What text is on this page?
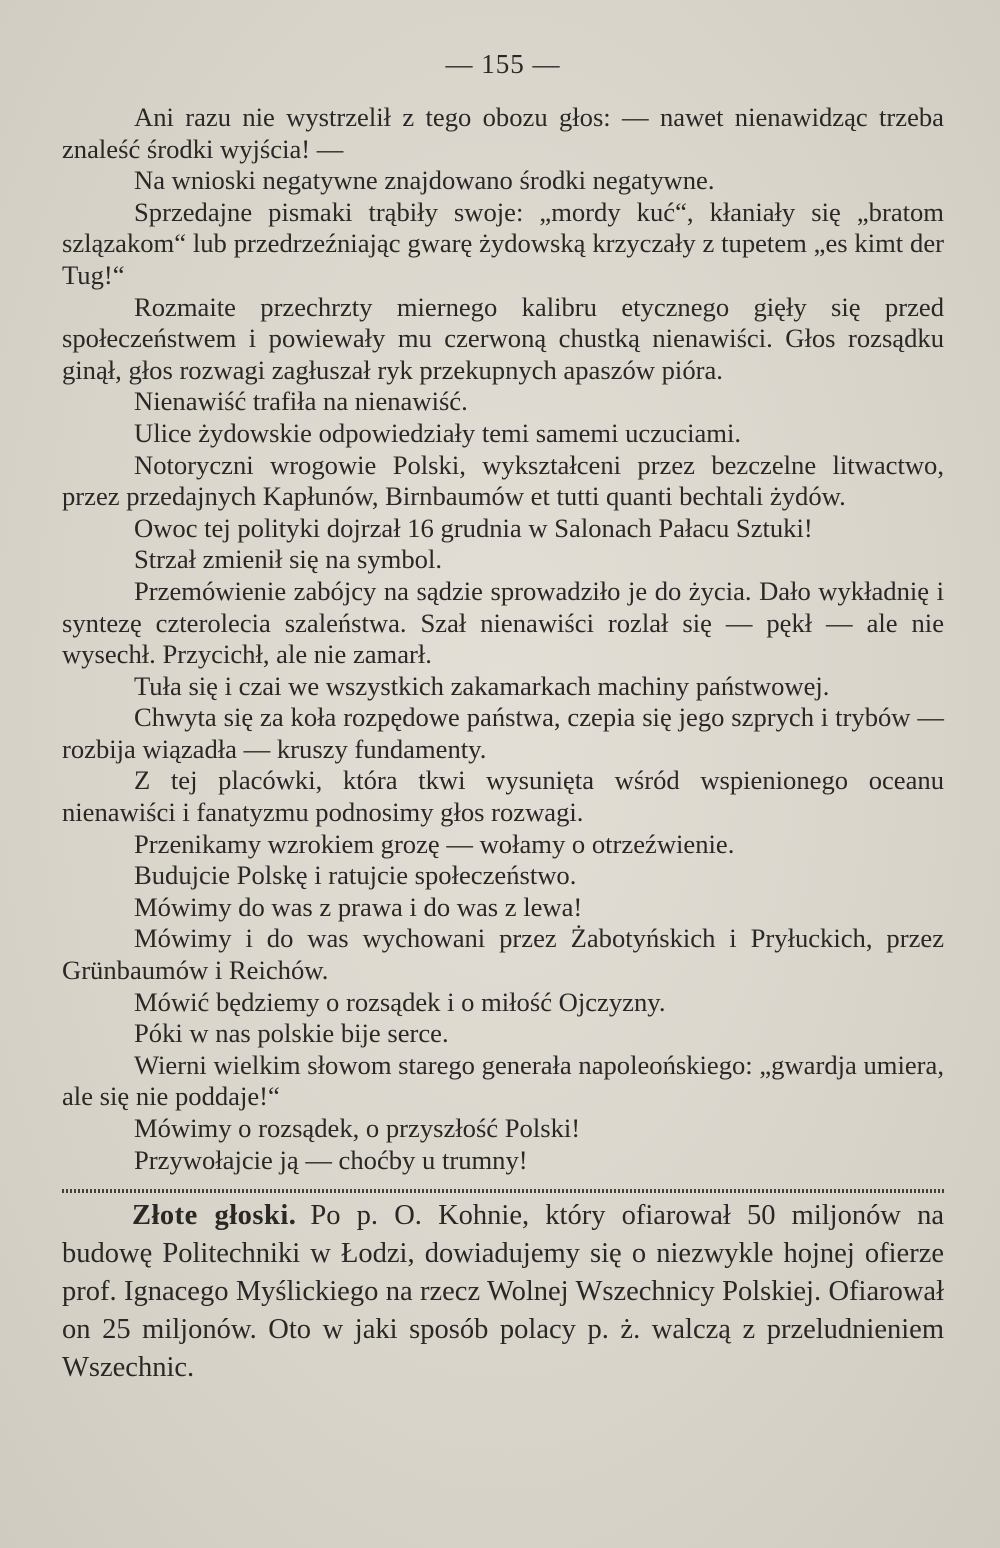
— 155 —

Ani razu nie wystrzelił z tego obozu głos: — nawet nienawidząc trzeba znaleść środki wyjścia! —

Na wnioski negatywne znajdowano środki negatywne.

Sprzedajne pismaki trąbiły swoje: „mordy kuć“, kłaniały się „bratom szlązakom“ lub przedrzeźniając gwarę żydowską krzyczały z tupetem „es kimt der Tug!“

Rozmaite przechrzty miernego kalibru etycznego gięły się przed społeczeństwem i powiewały mu czerwoną chustką nienawiści. Głos rozsądku ginął, głos rozwagi zagłuszał ryk przekupnych apaszów pióra.

Nienawiść trafiła na nienawiść.

Ulice żydowskie odpowiedziały temi samemi uczuciami.

Notoryczni wrogowie Polski, wykształceni przez bezczelne litwactwo, przez przedajnych Kapłunów, Birnbaumów et tutti quanti bechtali żydów.

Owoc tej polityki dojrzał 16 grudnia w Salonach Pałacu Sztuki!

Strzał zmienił się na symbol.

Przemówienie zabójcy na sądzie sprowadziło je do życia. Dało wykładnię i syntezę czterolecia szaleństwa. Szał nienawiści rozlał się — pękł — ale nie wysechł. Przycichł, ale nie zamarł.

Tuła się i czai we wszystkich zakamarkach machiny państwowej.

Chwyta się za koła rozpędowe państwa, czepia się jego szprych i trybów — rozbija wiązadła — kruszy fundamenty.

Z tej placówki, która tkwi wysunięta wśród wspienionego oceanu nienawiści i fanatyzmu podnosimy głos rozwagi.

Przenikamy wzrokiem grozę — wołamy o otrzeźwienie.

Budujcie Polskę i ratujcie społeczeństwo.

Mówimy do was z prawa i do was z lewa!

Mówimy i do was wychowani przez Żabotyńskich i Pryłuckich, przez Grünbaumów i Reichów.

Mówić będziemy o rozsądek i o miłość Ojczyzny.

Póki w nas polskie bije serce.

Wierni wielkim słowom starego generała napoleońskiego: „gwardja umiera, ale się nie poddaje!“

Mówimy o rozsądek, o przyszłość Polski!

Przywołajcie ją — choćby u trumny!

Złote głoski. Po p. O. Kohnie, który ofiarował 50 miljonów na budowę Politechniki w Łodzi, dowiadujemy się o niezwykle hojnej ofierze prof. Ignacego Myślickiego na rzecz Wolnej Wszechnicy Polskiej. Ofiarował on 25 miljonów. Oto w jaki sposób polacy p. ż. walczą z przeludnieniem Wszechnic.
